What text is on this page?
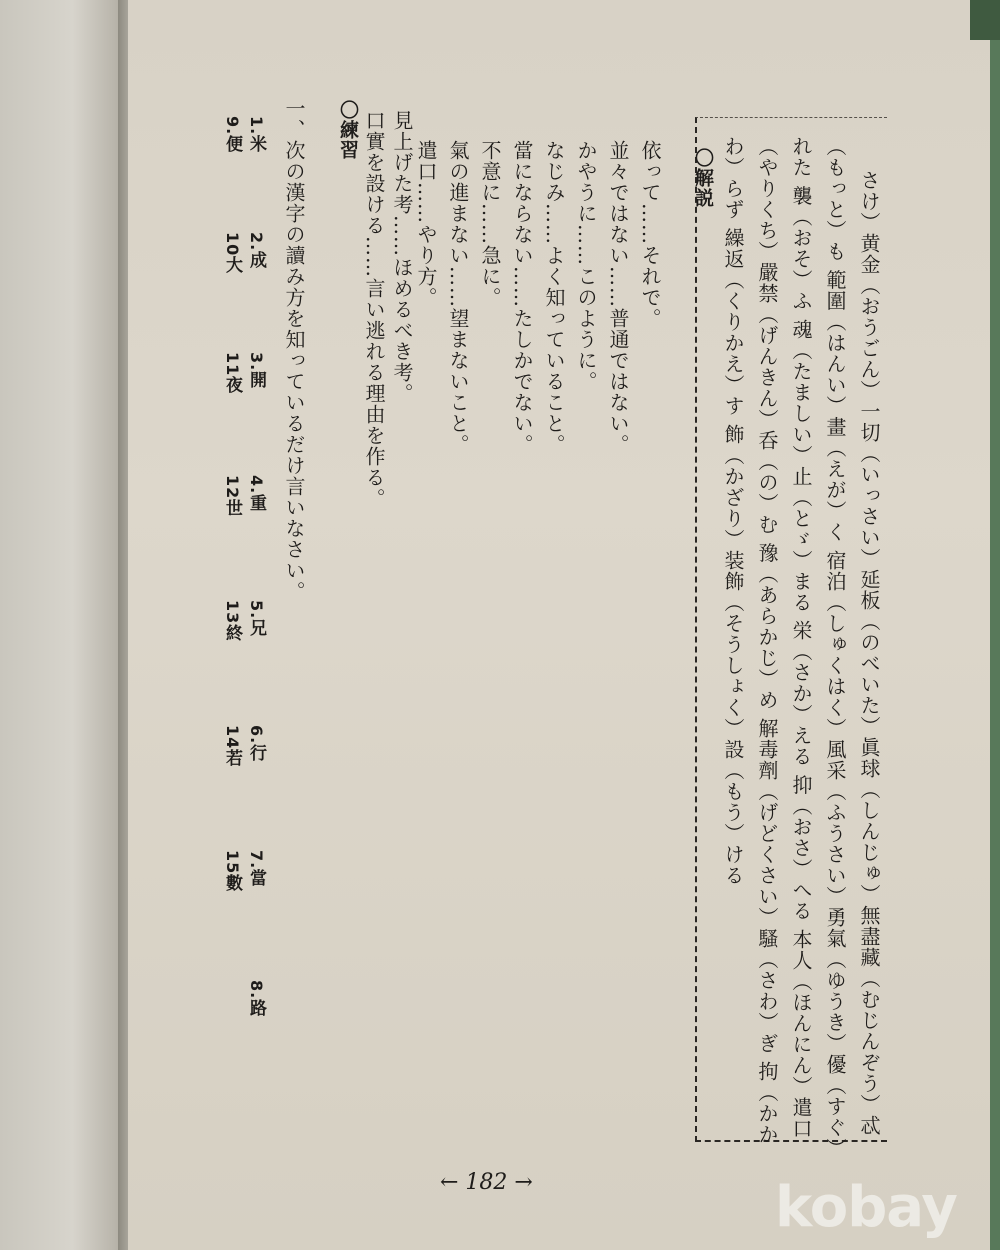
さけ）黄金（おうごん）一切（いっさい）延板（のべいた）眞球（しんじゅ）無盡藏（むじんぞう）忒
（もっと）も 範圍（はんい）畫（えが）く 宿泊（しゅくはく）風采（ふうさい）勇氣（ゆうき）優（すぐ）
れた 襲（おそ）ふ 魂（たましい）止（とゞ）まる 栄（さか）える 抑（おさ）へる 本人（ほんにん）遣口
（やりくち）嚴禁（げんきん）呑（の）む 豫（あらかじ）め 解毒劑（げどくさい）騷（さわ）ぎ 拘（かか
わ）らず 繰返（くりかえ）す 飾（かざり）装飾（そうしょく）設（もう）ける
〇解説
依って……それで。
並々ではない……普通ではない。
かやうに……このように。
なじみ……よく知っていること。
當にならない……たしかでない。
不意に……急に。
氣の進まない……望まないこと。
遣口……やり方。
見上げた考……ほめるべき考。
口實を設ける……言い逃れる理由を作る。
〇練習
一、次の漢字の讀み方を知っているだけ言いなさい。
1.米
2.成
3.開
4.重
5.兄
6.行
7.當
8.路
9.便
10大
11夜
12世
13終
14若
15數
← 182 →	kobay
